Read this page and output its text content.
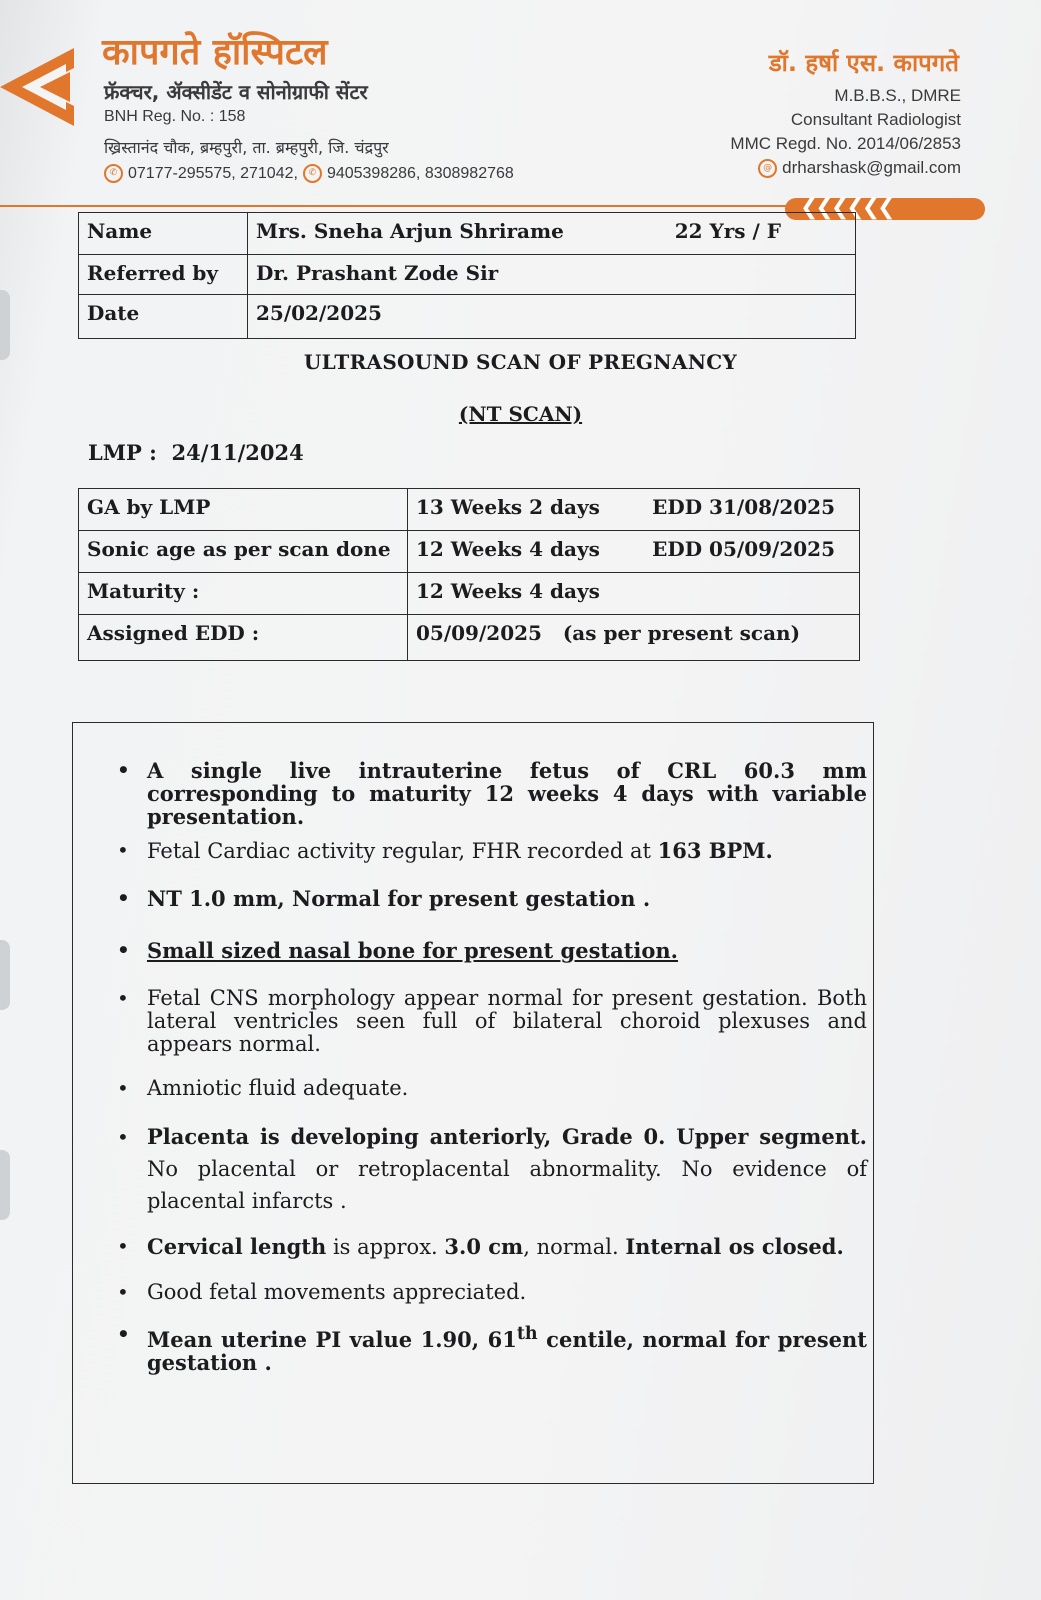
कापगते हॉस्पिटल
फ्रॅक्चर, ॲक्सीडेंट व सोनोग्राफी सेंटर
BNH Reg. No. : 158
ख्रिस्तानंद चौक, ब्रम्हपुरी, ता. ब्रम्हपुरी, जि. चंद्रपुर
✆ 07177-295575, 271042,	✆ 9405398286, 8308982768
डॉ. हर्षा एस. कापगते
M.B.B.S., DMRE
Consultant Radiologist
MMC Regd. No. 2014/06/2853
@ drharshask@gmail.com
❮❮❮❮❮❮
Name	Mrs. Sneha Arjun Shrirame 22 Yrs / F

Referred by	Dr. Prashant Zode Sir
Date	25/02/2025
ULTRASOUND SCAN OF PREGNANCY
(NT SCAN)
LMP : 24/11/2024
GA by LMP	13 Weeks 2 days EDD 31/08/2025

Sonic age as per scan done	12 Weeks 4 days EDD 05/09/2025

Maturity :	12 Weeks 4 days
Assigned EDD :	05/09/2025 (as per present scan)
• A single live intrauterine fetus of CRL 60.3 mm corresponding to maturity 12 weeks 4 days with variable presentation.
• Fetal Cardiac activity regular, FHR recorded at 163 BPM.
• NT 1.0 mm, Normal for present gestation .
• Small sized nasal bone for present gestation.
• Fetal CNS morphology appear normal for present gestation. Both lateral ventricles seen full of bilateral choroid plexuses and appears normal.
• Amniotic fluid adequate.
• Placenta is developing anteriorly, Grade 0. Upper segment. No placental or retroplacental abnormality. No evidence of placental infarcts .
• Cervical length is approx. 3.0 cm, normal. Internal os closed.
• Good fetal movements appreciated.
• Mean uterine PI value 1.90, 61th centile, normal for present gestation .
